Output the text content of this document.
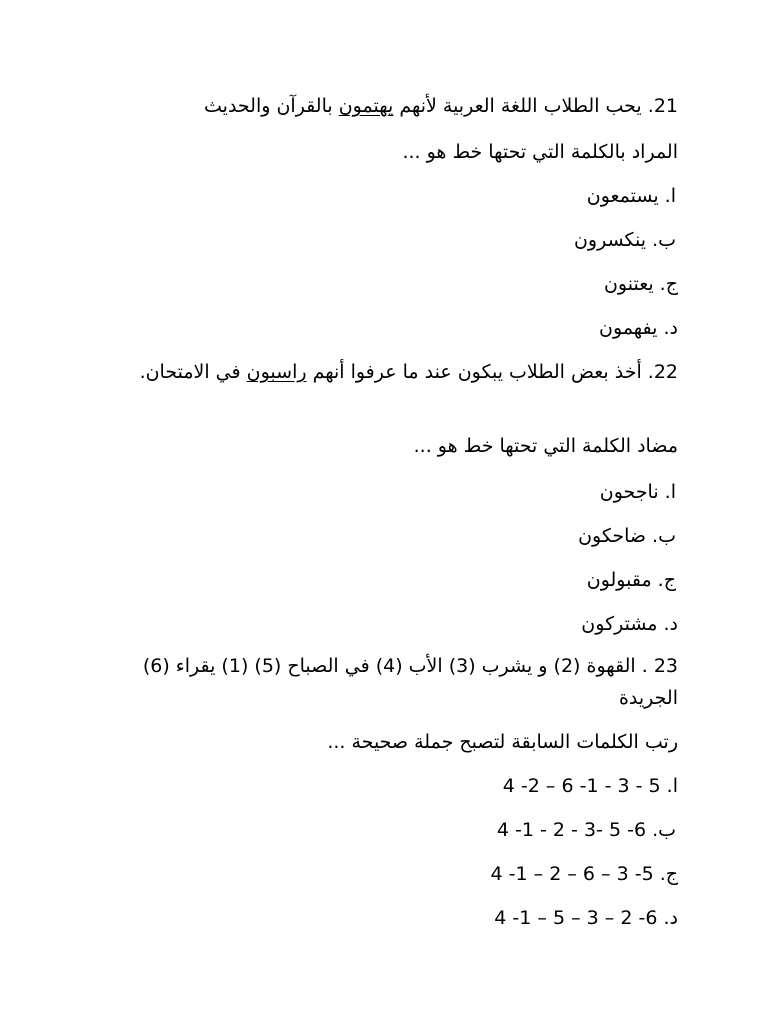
21. يحب الطلاب اللغة العربية لأنهم يهتمون بالقرآن والحديث
المراد بالكلمة التي تحتها خط هو ...
ا. يستمعون
ب. ينكسرون
ج. يعتنون
د. يفهمون
22. أخذ بعض الطلاب يبكون عند ما عرفوا أنهم راسبون في الامتحان.
مضاد الكلمة التي تحتها خط هو ...
ا. ناجحون
ب. ضاحكون
ج. مقبولون
د. مشتركون
23 . القهوة (2) و يشرب (3) الأب (4) في الصباح (5) (1) يقراء (6) الجريدة
رتب الكلمات السابقة لتصبح جملة صحيحة ...
ا. 5 - 3 - 1- 6 – 2- 4
ب. 6- 5 -3 - 2 - 1- 4
ج. 5- 3 – 6 – 2 – 1- 4
د. 6- 2 – 3 – 5 – 1- 4
